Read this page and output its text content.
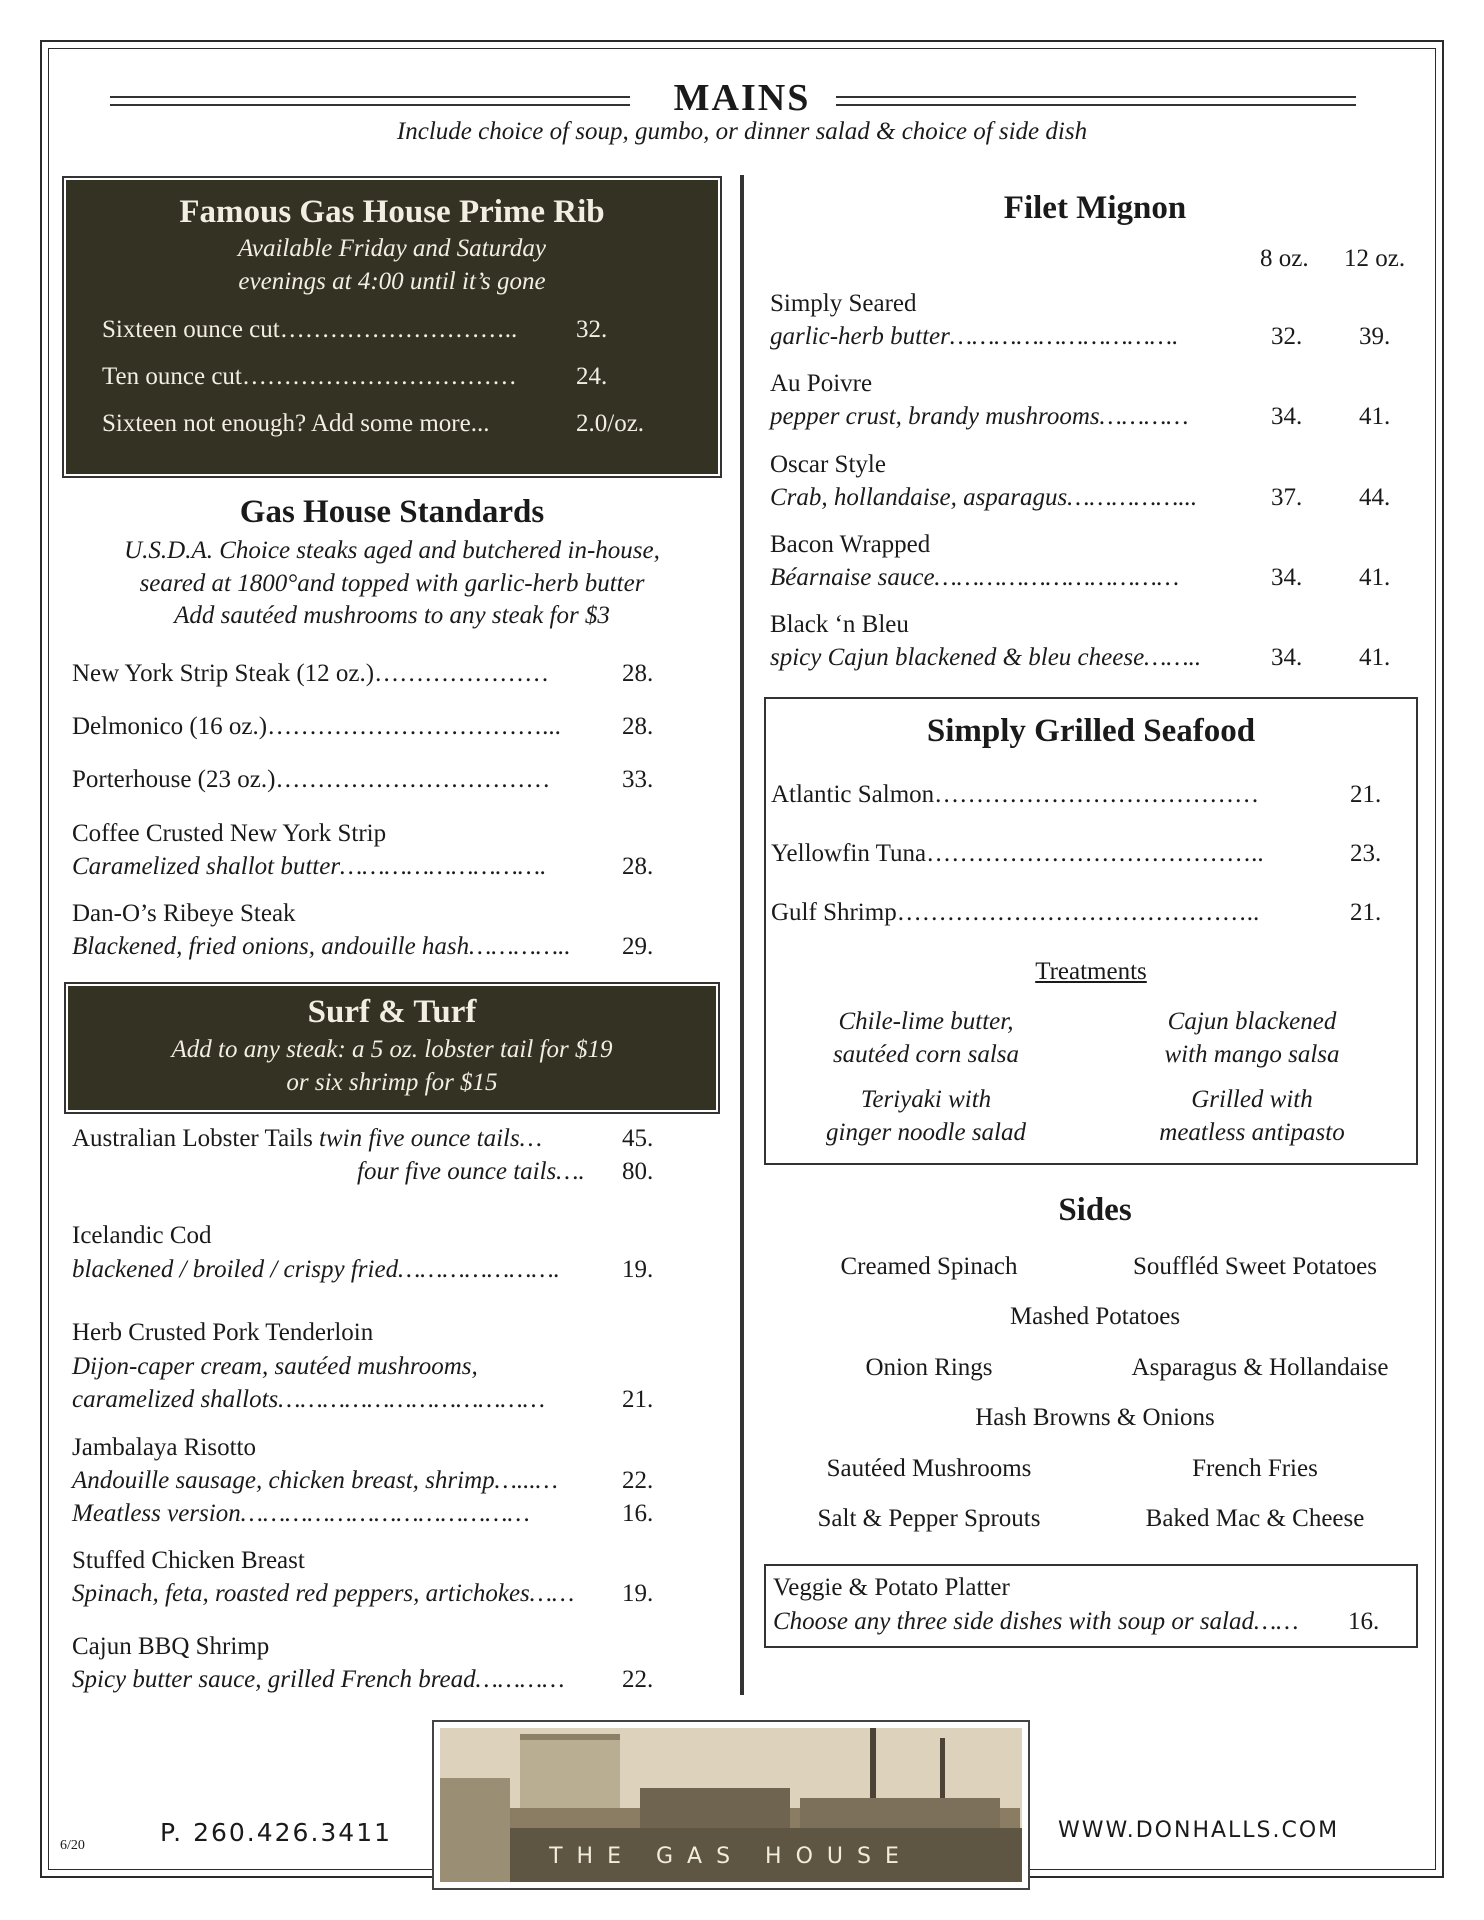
MAINS
Include choice of soup, gumbo, or dinner salad & choice of side dish
Famous Gas House Prime Rib
Available Friday and Saturday
evenings at 4:00 until it’s gone
Sixteen ounce cut……………………….. 32.
Ten ounce cut…………………………… 24.
Sixteen not enough? Add some more...	2.0/oz.
Gas House Standards
U.S.D.A. Choice steaks aged and butchered in-house,
seared at 1800°and topped with garlic-herb butter
Add sautéed mushrooms to any steak for $3
New York Strip Steak (12 oz.)…………………	28.
Delmonico (16 oz.)……………………………... 28.
Porterhouse (23 oz.)……………………………	33.
Coffee Crusted New York Strip
Caramelized shallot butter……………………….	28.
Dan-O’s Ribeye Steak
Blackened, fried onions, andouille hash………….. 29.
Surf & Turf
Add to any steak: a 5 oz. lobster tail for $19
or six shrimp for $15
Australian Lobster Tails twin five ounce tails…	45.
four five ounce tails…. 80.
Icelandic Cod
blackened / broiled / crispy fried…………………. 19.
Herb Crusted Pork Tenderloin
Dijon-caper cream, sautéed mushrooms,
caramelized shallots………………………………	21.
Jambalaya Risotto
Andouille sausage, chicken breast, shrimp…...…	22.
Meatless version…………………………………	16.
Stuffed Chicken Breast
Spinach, feta, roasted red peppers, artichokes…… 19.
Cajun BBQ Shrimp
Spicy butter sauce, grilled French bread………… 22.
Filet Mignon
8 oz. 12 oz.
Simply Seared
garlic-herb butter………………………….	32. 39.
Au Poivre
pepper crust, brandy mushrooms…………	34. 41.
Oscar Style
Crab, hollandaise, asparagus……………...	37. 44.
Bacon Wrapped
Béarnaise sauce……………………………	34. 41.
Black ‘n Bleu
spicy Cajun blackened & bleu cheese……..	34. 41.
Simply Grilled Seafood
Atlantic Salmon…………………………………	21.
Yellowfin Tuna…………………………………..	23.
Gulf Shrimp……………………………………..	21.
Treatments
Chile-lime butter,
sautéed corn salsa
Cajun blackened
with mango salsa
Teriyaki with
ginger noodle salad
Grilled with
meatless antipasto
Sides
Creamed Spinach	Souffléd Sweet Potatoes
Mashed Potatoes
Onion Rings	Asparagus & Hollandaise
Hash Browns & Onions
Sautéed Mushrooms	French Fries
Salt & Pepper Sprouts	Baked Mac & Cheese
Veggie & Potato Platter
Choose any three side dishes with soup or salad…… 16.
THE GAS HOUSE
6/20	P. 260.426.3411	WWW.DONHALLS.COM
